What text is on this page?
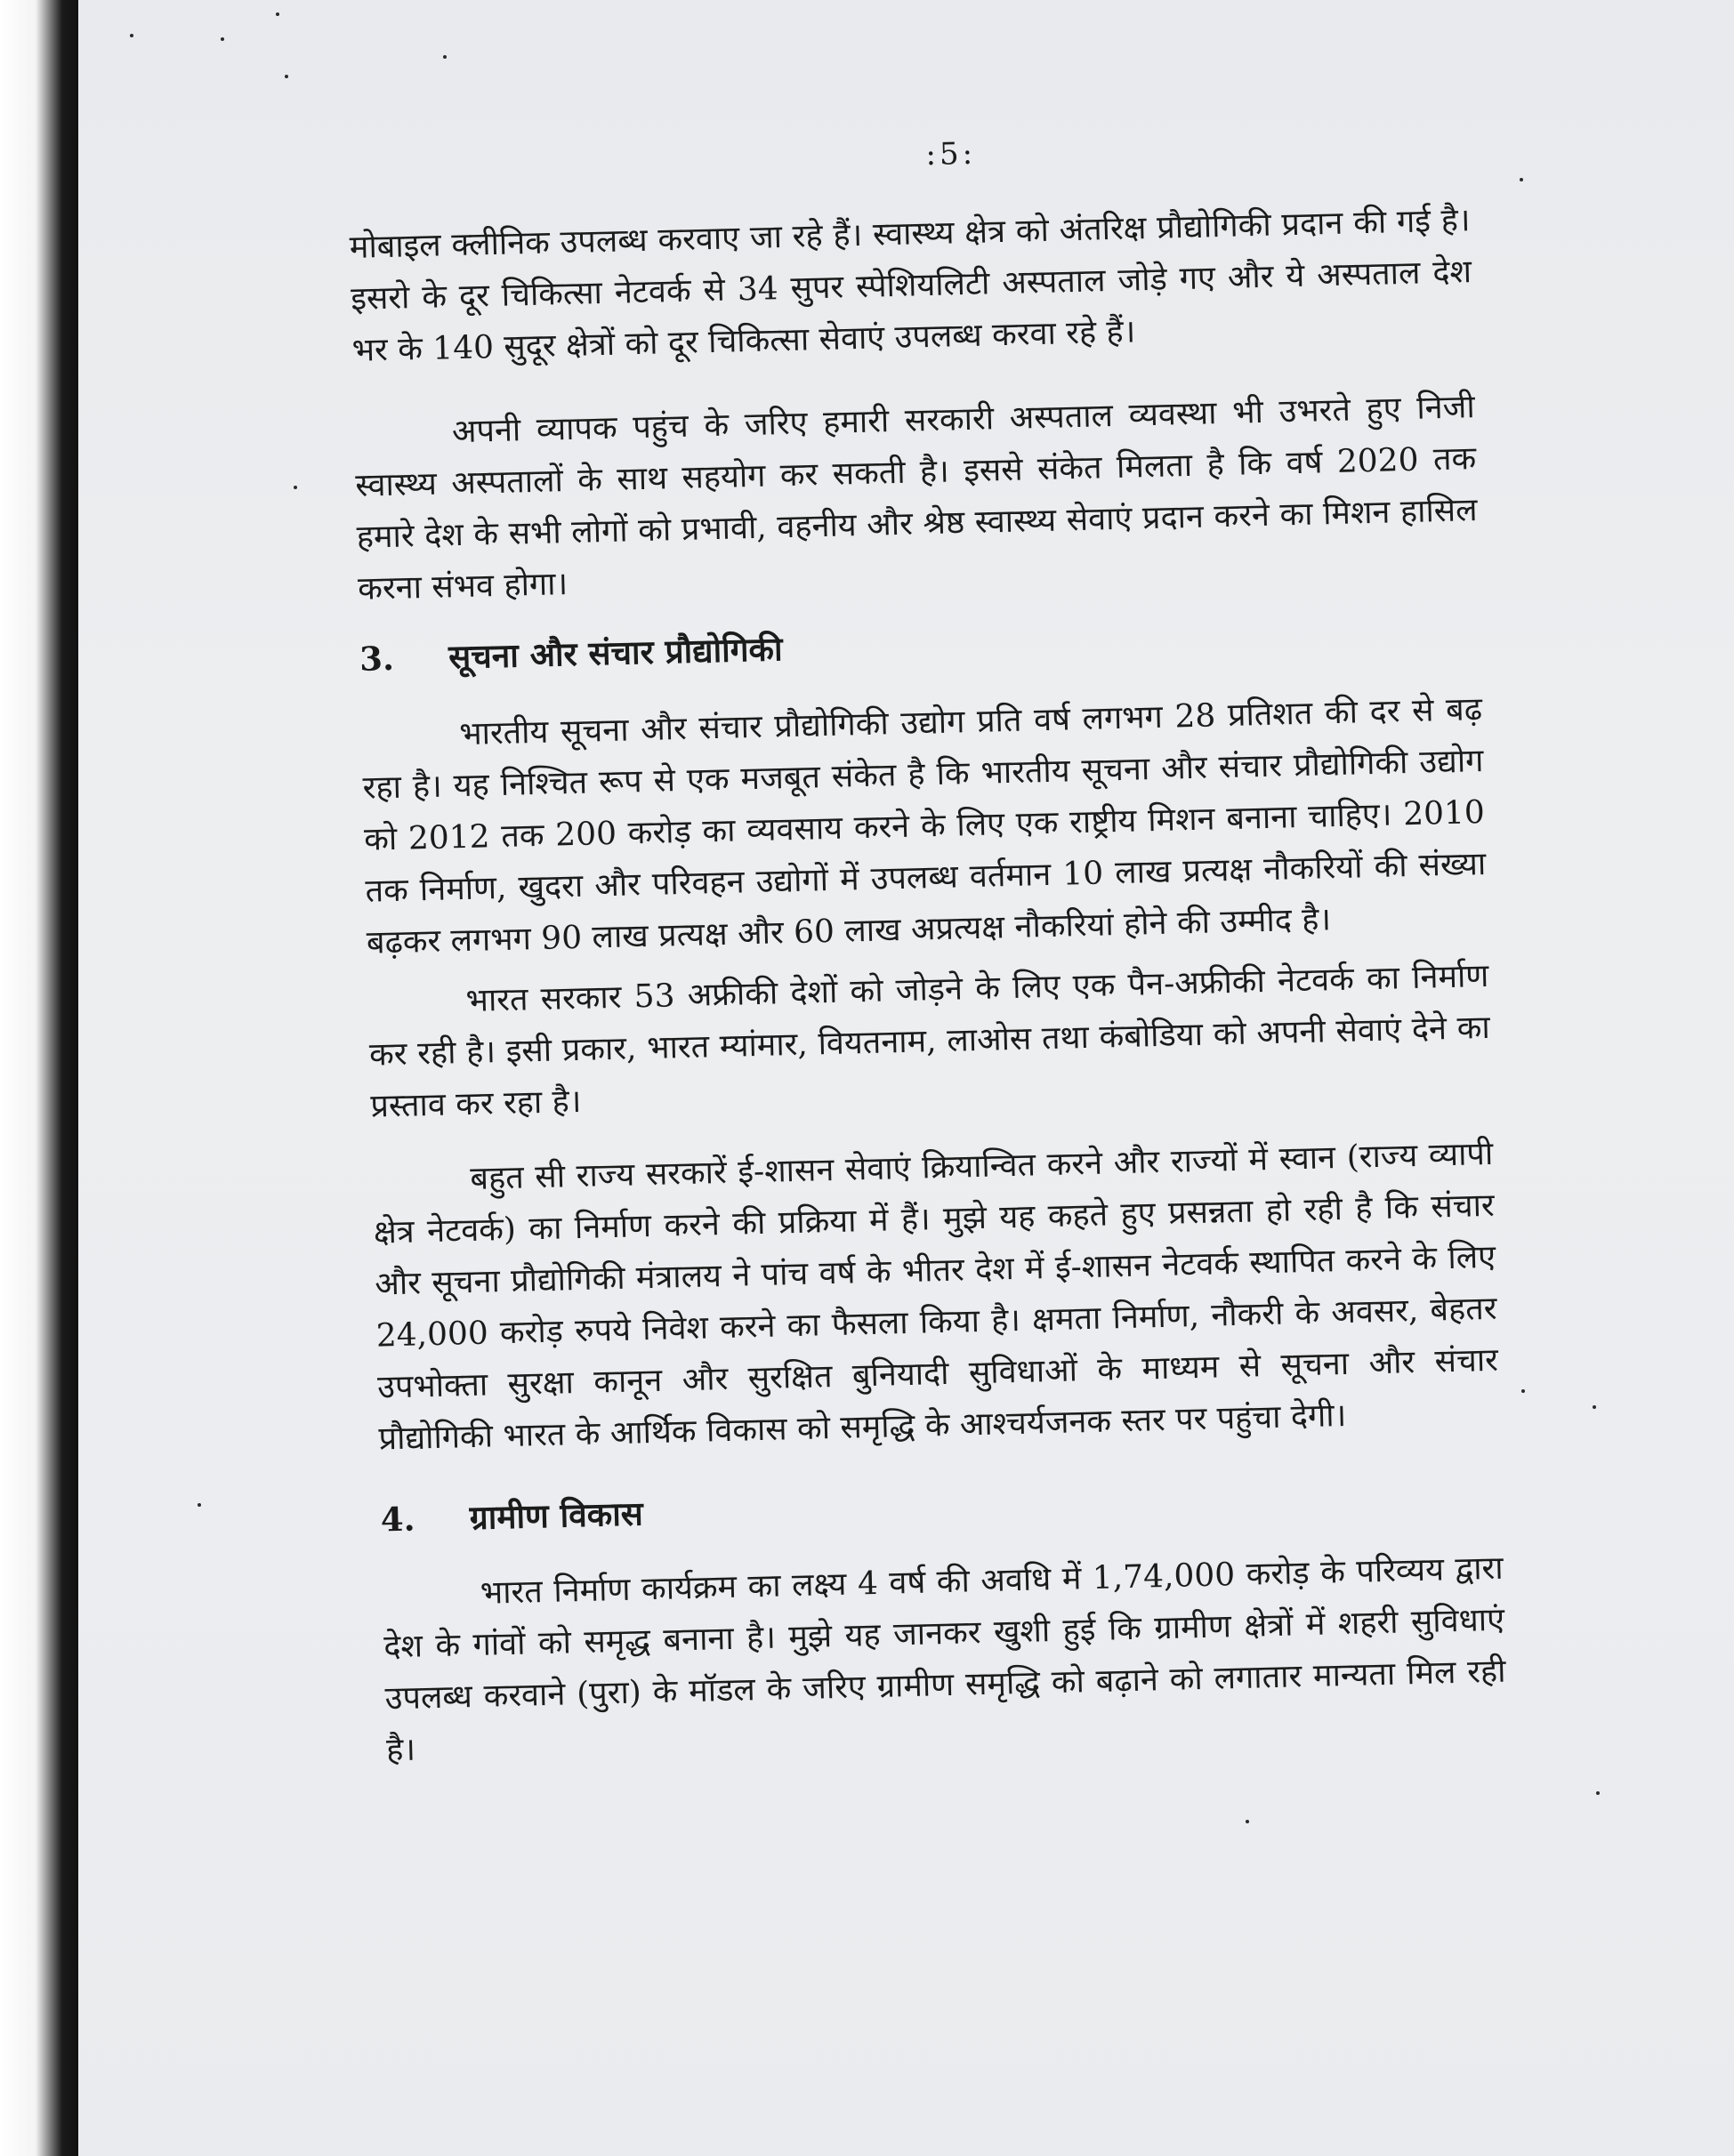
:5:

मोबाइल क्लीनिक उपलब्ध करवाए जा रहे हैं। स्वास्थ्य क्षेत्र को अंतरिक्ष प्रौद्योगिकी प्रदान की गई है। इसरो के दूर चिकित्सा नेटवर्क से 34 सुपर स्पेशियलिटी अस्पताल जोड़े गए और ये अस्पताल देश भर के 140 सुदूर क्षेत्रों को दूर चिकित्सा सेवाएं उपलब्ध करवा रहे हैं।

अपनी व्यापक पहुंच के जरिए हमारी सरकारी अस्पताल व्यवस्था भी उभरते हुए निजी स्वास्थ्य अस्पतालों के साथ सहयोग कर सकती है। इससे संकेत मिलता है कि वर्ष 2020 तक हमारे देश के सभी लोगों को प्रभावी, वहनीय और श्रेष्ठ स्वास्थ्य सेवाएं प्रदान करने का मिशन हासिल करना संभव होगा।

3. सूचना और संचार प्रौद्योगिकी

भारतीय सूचना और संचार प्रौद्योगिकी उद्योग प्रति वर्ष लगभग 28 प्रतिशत की दर से बढ़ रहा है। यह निश्चित रूप से एक मजबूत संकेत है कि भारतीय सूचना और संचार प्रौद्योगिकी उद्योग को 2012 तक 200 करोड़ का व्यवसाय करने के लिए एक राष्ट्रीय मिशन बनाना चाहिए। 2010 तक निर्माण, खुदरा और परिवहन उद्योगों में उपलब्ध वर्तमान 10 लाख प्रत्यक्ष नौकरियों की संख्या बढ़कर लगभग 90 लाख प्रत्यक्ष और 60 लाख अप्रत्यक्ष नौकरियां होने की उम्मीद है।

भारत सरकार 53 अफ्रीकी देशों को जोड़ने के लिए एक पैन-अफ्रीकी नेटवर्क का निर्माण कर रही है। इसी प्रकार, भारत म्यांमार, वियतनाम, लाओस तथा कंबोडिया को अपनी सेवाएं देने का प्रस्ताव कर रहा है।

बहुत सी राज्य सरकारें ई-शासन सेवाएं क्रियान्वित करने और राज्यों में स्वान (राज्य व्यापी क्षेत्र नेटवर्क) का निर्माण करने की प्रक्रिया में हैं। मुझे यह कहते हुए प्रसन्नता हो रही है कि संचार और सूचना प्रौद्योगिकी मंत्रालय ने पांच वर्ष के भीतर देश में ई-शासन नेटवर्क स्थापित करने के लिए 24,000 करोड़ रुपये निवेश करने का फैसला किया है। क्षमता निर्माण, नौकरी के अवसर, बेहतर उपभोक्ता सुरक्षा कानून और सुरक्षित बुनियादी सुविधाओं के माध्यम से सूचना और संचार प्रौद्योगिकी भारत के आर्थिक विकास को समृद्धि के आश्चर्यजनक स्तर पर पहुंचा देगी।

4. ग्रामीण विकास

भारत निर्माण कार्यक्रम का लक्ष्य 4 वर्ष की अवधि में 1,74,000 करोड़ के परिव्यय द्वारा देश के गांवों को समृद्ध बनाना है। मुझे यह जानकर खुशी हुई कि ग्रामीण क्षेत्रों में शहरी सुविधाएं उपलब्ध करवाने (पुरा) के मॉडल के जरिए ग्रामीण समृद्धि को बढ़ाने को लगातार मान्यता मिल रही है।
